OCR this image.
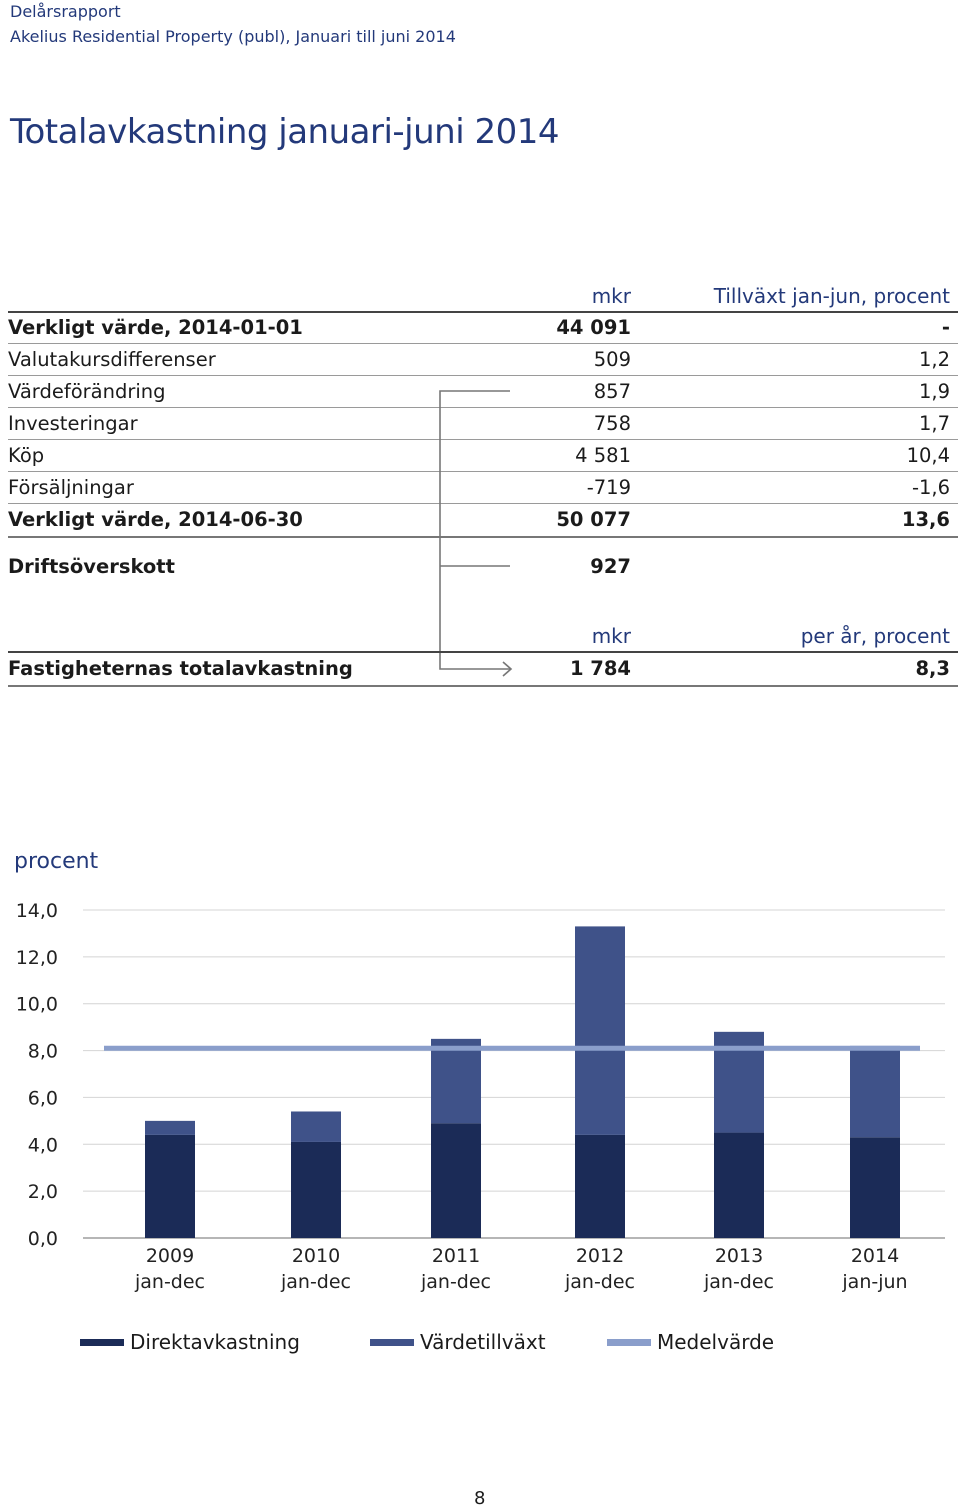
Delårsrapport
Akelius Residential Property (publ), Januari till juni 2014
Totalavkastning januari-juni 2014
mkr	Tillväxt jan-jun, procent
Verkligt värde, 2014-01-01	44 091	-
Valutakursdifferenser	509	1,2
Värdeförändring	857	1,9
Investeringar	758	1,7
Köp	4 581	10,4
Försäljningar	-719	-1,6
Verkligt värde, 2014-06-30	50 077	13,6
Driftsöverskott	927
mkr	per år, procent
Fastigheternas totalavkastning	1 784	8,3
procent
0,0
2,0
4,0
6,0
8,0
10,0
12,0
14,0
2009
jan-dec
2010
jan-dec
2011
jan-dec
2012
jan-dec
2013
jan-dec
2014
jan-jun
Direktavkastning	Värdetillväxt	Medelvärde
8
